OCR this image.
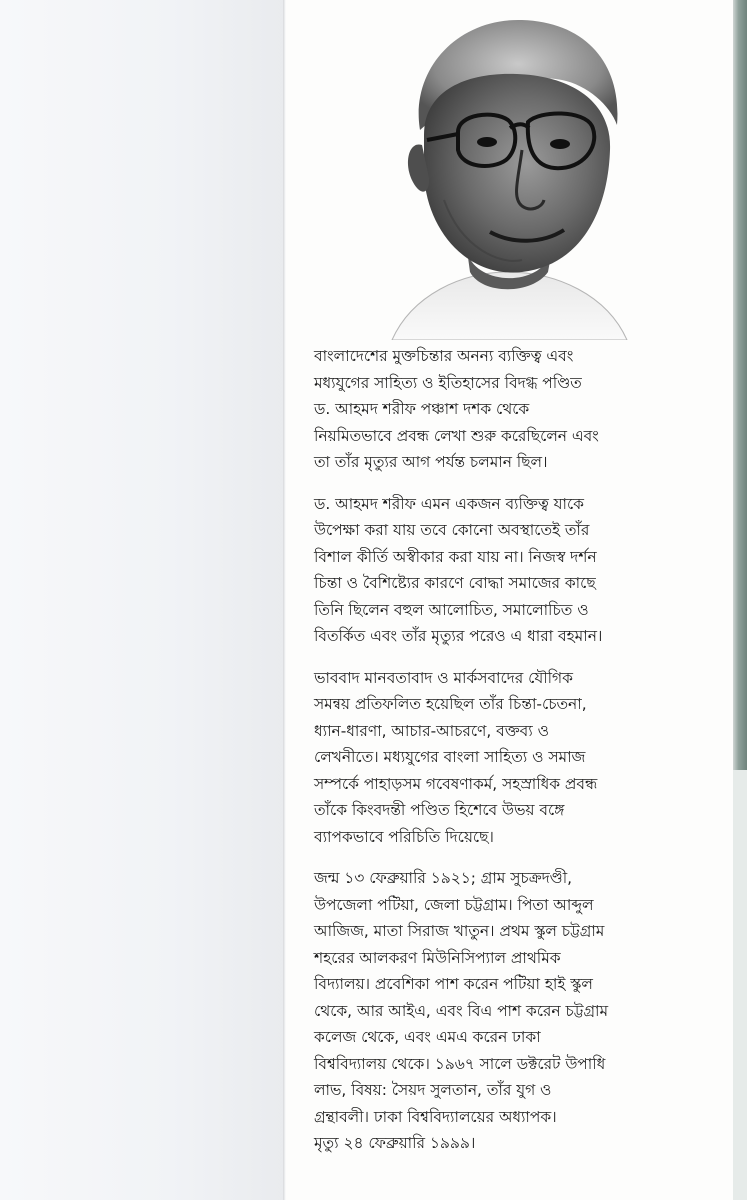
বাংলাদেশের মুক্তচিন্তার অনন্য ব্যক্তিত্ব এবং
মধ্যযুগের সাহিত্য ও ইতিহাসের বিদগ্ধ পণ্ডিত
ড. আহমদ শরীফ পঞ্চাশ দশক থেকে
নিয়মিতভাবে প্রবন্ধ লেখা শুরু করেছিলেন এবং
তা তাঁর মৃত্যুর আগ পর্যন্ত চলমান ছিল।

ড. আহমদ শরীফ এমন একজন ব্যক্তিত্ব যাকে
উপেক্ষা করা যায় তবে কোনো অবস্থাতেই তাঁর
বিশাল কীর্তি অস্বীকার করা যায় না। নিজস্ব দর্শন
চিন্তা ও বৈশিষ্ট্যের কারণে বোদ্ধা সমাজের কাছে
তিনি ছিলেন বহুল আলোচিত, সমালোচিত ও
বিতর্কিত এবং তাঁর মৃত্যুর পরেও এ ধারা বহমান।

ভাববাদ মানবতাবাদ ও মার্কসবাদের যৌগিক
সমন্বয় প্রতিফলিত হয়েছিল তাঁর চিন্তা-চেতনা,
ধ্যান-ধারণা, আচার-আচরণে, বক্তব্য ও
লেখনীতে। মধ্যযুগের বাংলা সাহিত্য ও সমাজ
সম্পর্কে পাহাড়সম গবেষণাকর্ম, সহস্রাধিক প্রবন্ধ
তাঁকে কিংবদন্তী পণ্ডিত হিশেবে উভয় বঙ্গে
ব্যাপকভাবে পরিচিতি দিয়েছে।

জন্ম ১৩ ফেব্রুয়ারি ১৯২১; গ্রাম সুচক্রদণ্ডী,
উপজেলা পটিয়া, জেলা চট্টগ্রাম। পিতা আব্দুল
আজিজ, মাতা সিরাজ খাতুন। প্রথম স্কুল চট্টগ্রাম
শহরের আলকরণ মিউনিসিপ্যাল প্রাথমিক
বিদ্যালয়। প্রবেশিকা পাশ করেন পটিয়া হাই স্কুল
থেকে, আর আইএ, এবং বিএ পাশ করেন চট্টগ্রাম
কলেজ থেকে, এবং এমএ করেন ঢাকা
বিশ্ববিদ্যালয় থেকে। ১৯৬৭ সালে ডক্টরেট উপাধি
লাভ, বিষয়: সৈয়দ সুলতান, তাঁর যুগ ও
গ্রন্থাবলী। ঢাকা বিশ্ববিদ্যালয়ের অধ্যাপক।
মৃত্যু ২৪ ফেব্রুয়ারি ১৯৯৯।
